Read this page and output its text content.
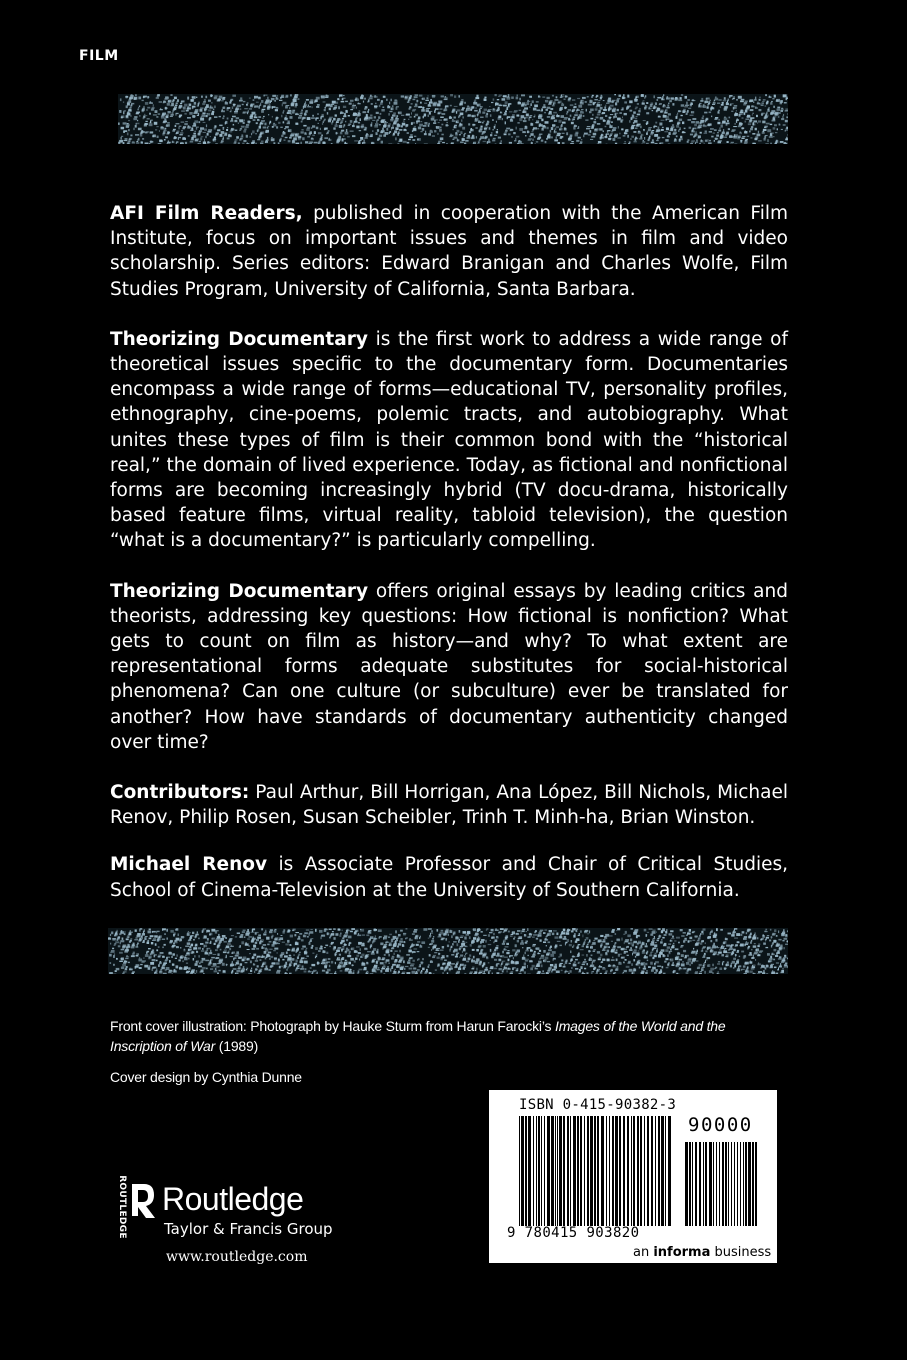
FILM

AFI Film Readers, published in cooperation with the American Film Institute, focus on important issues and themes in film and video scholarship. Series editors: Edward Branigan and Charles Wolfe, Film Studies Program, University of California, Santa Barbara.

Theorizing Documentary is the first work to address a wide range of theoretical issues specific to the documentary form. Documentaries encompass a wide range of forms—educational TV, personality profiles, ethnography, cine-poems, polemic tracts, and autobiography. What unites these types of film is their common bond with the “historical real,” the domain of lived experience. Today, as fictional and nonfictional forms are becoming increasingly hybrid (TV docu-drama, historically based feature films, virtual reality, tabloid television), the question “what is a documentary?” is particularly compelling.

Theorizing Documentary offers original essays by leading critics and theorists, addressing key questions: How fictional is nonfiction? What gets to count on film as history—and why? To what extent are representational forms adequate substitutes for social-historical phenomena? Can one culture (or subculture) ever be translated for another? How have standards of documentary authenticity changed over time?

Contributors: Paul Arthur, Bill Horrigan, Ana López, Bill Nichols, Michael Renov, Philip Rosen, Susan Scheibler, Trinh T. Minh-ha, Brian Winston.

Michael Renov is Associate Professor and Chair of Critical Studies, School of Cinema-Television at the University of Southern California.

Front cover illustration: Photograph by Hauke Sturm from Harun Farocki’s Images of the World and the Inscription of War (1989)
Cover design by Cynthia Dunne
ROUTLEDGE Routledge
Taylor & Francis Group
www.routledge.com
ISBN 0-415-90382-3
90000
9 780415 903820
an informa business
